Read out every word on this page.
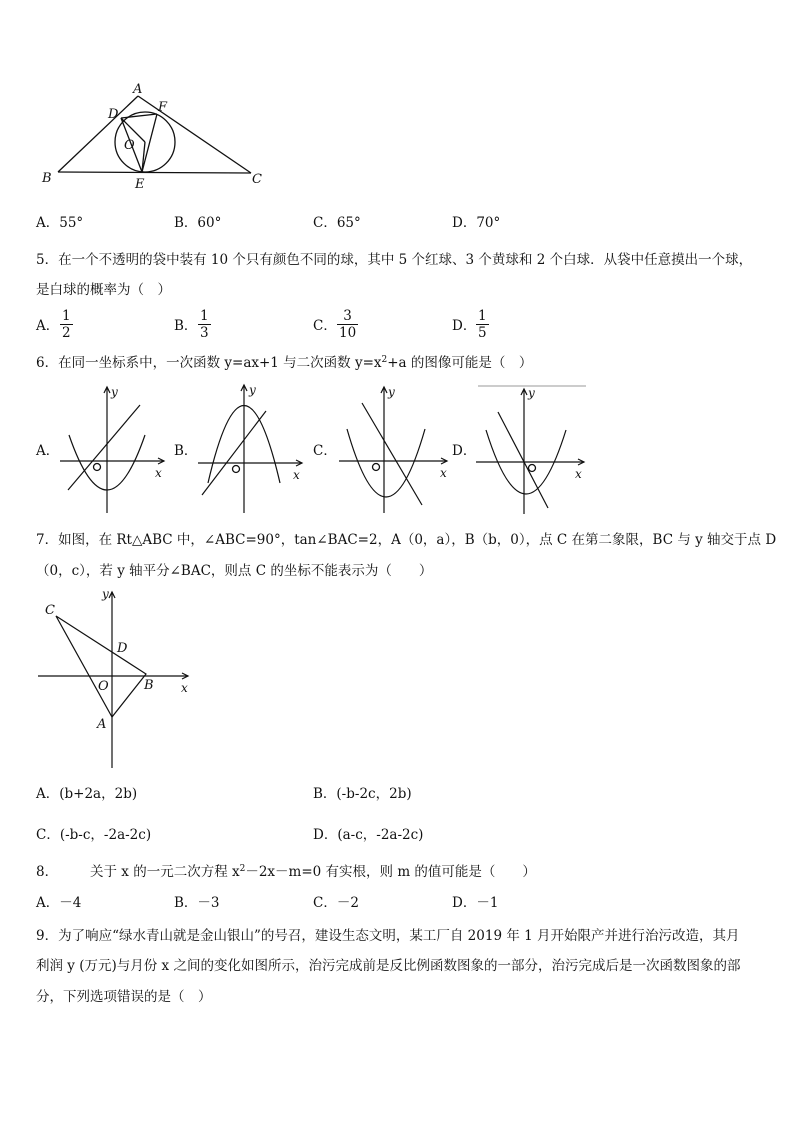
A
D	F
O
B	E	C
A．55°	B．60°	C．65°	D．70°
5．在一个不透明的袋中装有 10 个只有颜色不同的球，其中 5 个红球、3 个黄球和 2 个白球．从袋中任意摸出一个球，
是白球的概率为（　）
A． $\frac{1}{2}$	B． $\frac{1}{3}$	C． $\frac{3}{10}$	D． $\frac{1}{5}$
6．在同一坐标系中，一次函数 y=ax+1 与二次函数 $y=x^2+a$ 的图像可能是（　）
A．
y
x
B．
y
x
C．
y
x
D．
y
x
7．如图，在 Rt△ABC 中，∠ABC=90°，tan∠BAC=2，A（0，a），B（b，0），点 C 在第二象限，BC 与 y 轴交于点 D
（0，c），若 y 轴平分∠BAC，则点 C 的坐标不能表示为（　　）
C
y
D
O	B x
A
A．(b+2a，2b)	B．(-b-2c，2b)
C．(-b-c，-2a-2c)	D．(a-c，-2a-2c)
8． 关于 x 的一元二次方程 $x^2-2x-m=0$ 有实根，则 m 的值可能是（　　）
A．－4	B．－3	C．－2	D．－1
9．为了响应“绿水青山就是金山银山”的号召，建设生态文明，某工厂自 2019 年 1 月开始限产并进行治污改造，其月
利润 y (万元)与月份 x 之间的变化如图所示，治污完成前是反比例函数图象的一部分，治污完成后是一次函数图象的部
分，下列选项错误的是（　）
